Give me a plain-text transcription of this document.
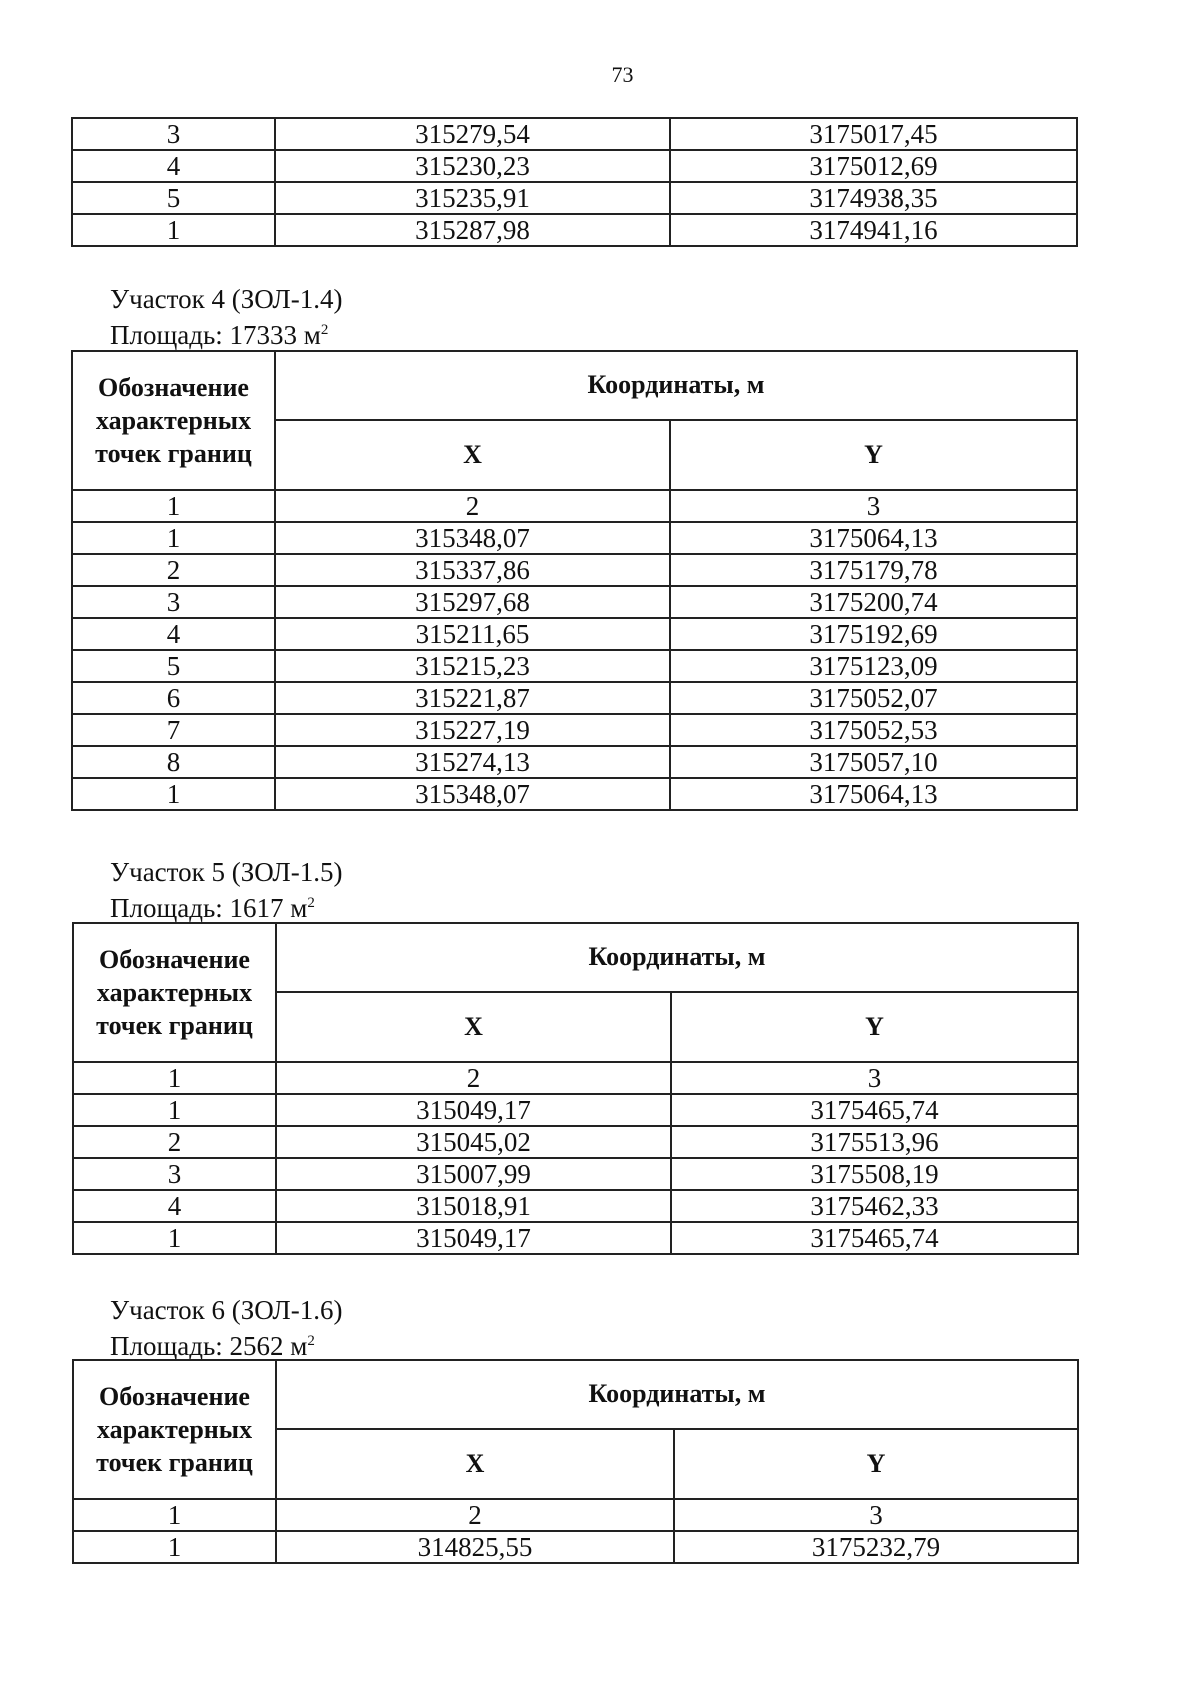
73
3	315279,54	3175017,45
4	315230,23	3175012,69
5	315235,91	3174938,35
1	315287,98	3174941,16
Участок 4 (ЗОЛ-1.4)
Площадь: 17333 $м^2$
Обозначение
характерных
точек границ	Координаты, м	
	X	Y
1	2	3
1	315348,07	3175064,13
2	315337,86	3175179,78
3	315297,68	3175200,74
4	315211,65	3175192,69
5	315215,23	3175123,09
6	315221,87	3175052,07
7	315227,19	3175052,53
8	315274,13	3175057,10
1	315348,07	3175064,13
Участок 5 (ЗОЛ-1.5)
Площадь: 1617 $м^2$
Обозначение
характерных
точек границ	Координаты, м	
	X	Y
1	2	3
1	315049,17	3175465,74
2	315045,02	3175513,96
3	315007,99	3175508,19
4	315018,91	3175462,33
1	315049,17	3175465,74
Участок 6 (ЗОЛ-1.6)
Площадь: 2562 $м^2$
Обозначение
характерных
точек границ	Координаты, м	
	X	Y
1	2	3
1	314825,55	3175232,79
